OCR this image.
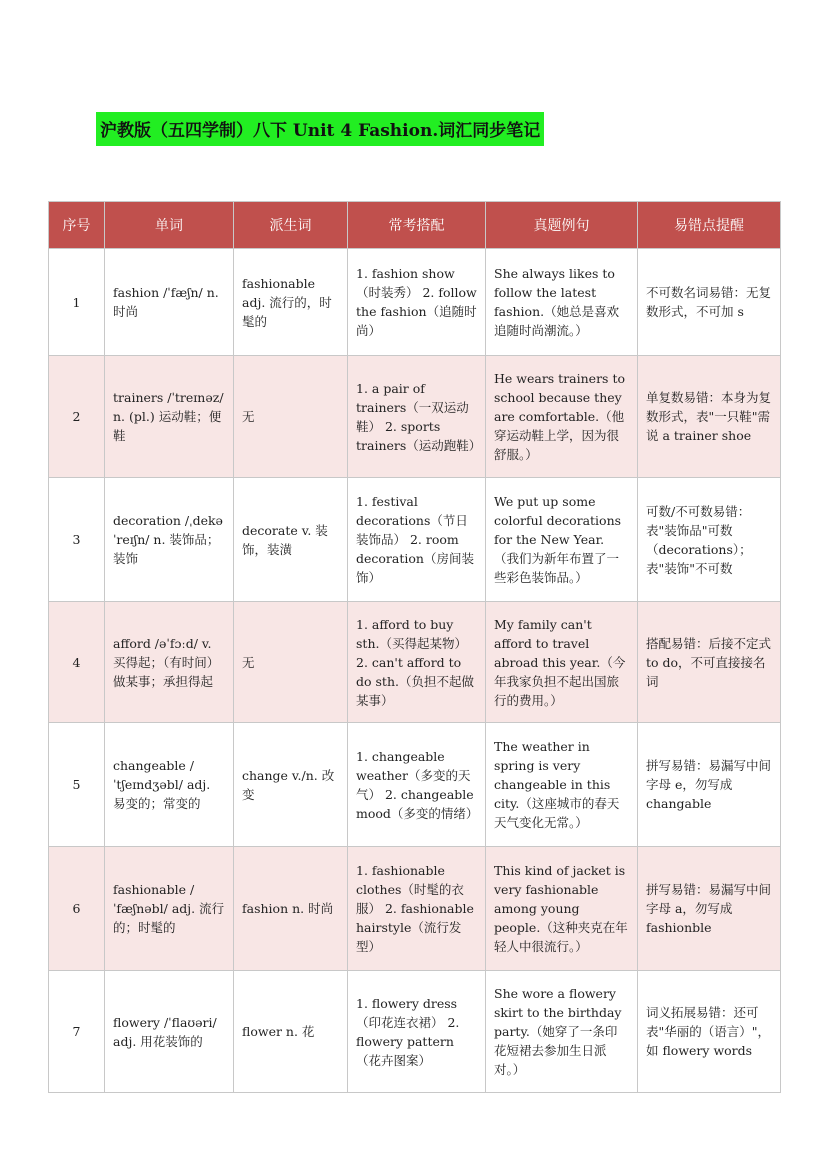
沪教版（五四学制）八下 Unit 4 Fashion.词汇同步笔记
序号	单词	派生词	常考搭配	真题例句	易错点提醒
1	fashion /ˈfæʃn/ n. 时尚	fashionable adj. 流行的，时髦的	1. fashion show（时装秀） 2. follow the fashion（追随时尚）	She always likes to follow the latest fashion.（她总是喜欢追随时尚潮流。）	不可数名词易错：无复数形式，不可加 s
2	trainers /ˈtreɪnəz/ n. (pl.) 运动鞋；便鞋	无	1. a pair of trainers（一双运动鞋） 2. sports trainers（运动跑鞋）	He wears trainers to school because they are comfortable.（他穿运动鞋上学，因为很舒服。）	单复数易错：本身为复数形式，表"一只鞋"需说 a trainer shoe
3	decoration /ˌdekəˈreɪʃn/ n. 装饰品；装饰	decorate v. 装饰，装潢	1. festival decorations（节日装饰品） 2. room decoration（房间装饰）	We put up some colorful decorations for the New Year.（我们为新年布置了一些彩色装饰品。）	可数/不可数易错：表"装饰品"可数（decorations）；表"装饰"不可数
4	afford /əˈfɔːd/ v. 买得起；（有时间）做某事；承担得起	无	1. afford to buy sth.（买得起某物） 2. can't afford to do sth.（负担不起做某事）	My family can't afford to travel abroad this year.（今年我家负担不起出国旅行的费用。）	搭配易错：后接不定式 to do，不可直接接名词
5	changeable /ˈtʃeɪndʒəbl/ adj. 易变的；常变的	change v./n. 改变	1. changeable weather（多变的天气） 2. changeable mood（多变的情绪）	The weather in spring is very changeable in this city.（这座城市的春天天气变化无常。）	拼写易错：易漏写中间字母 e，勿写成 changable
6	fashionable /ˈfæʃnəbl/ adj. 流行的；时髦的	fashion n. 时尚	1. fashionable clothes（时髦的衣服） 2. fashionable hairstyle（流行发型）	This kind of jacket is very fashionable among young people.（这种夹克在年轻人中很流行。）	拼写易错：易漏写中间字母 a，勿写成 fashionble
7	flowery /ˈflaʊəri/ adj. 用花装饰的	flower n. 花	1. flowery dress（印花连衣裙） 2. flowery pattern（花卉图案）	She wore a flowery skirt to the birthday party.（她穿了一条印花短裙去参加生日派对。）	词义拓展易错：还可表"华丽的（语言）"，如 flowery words
